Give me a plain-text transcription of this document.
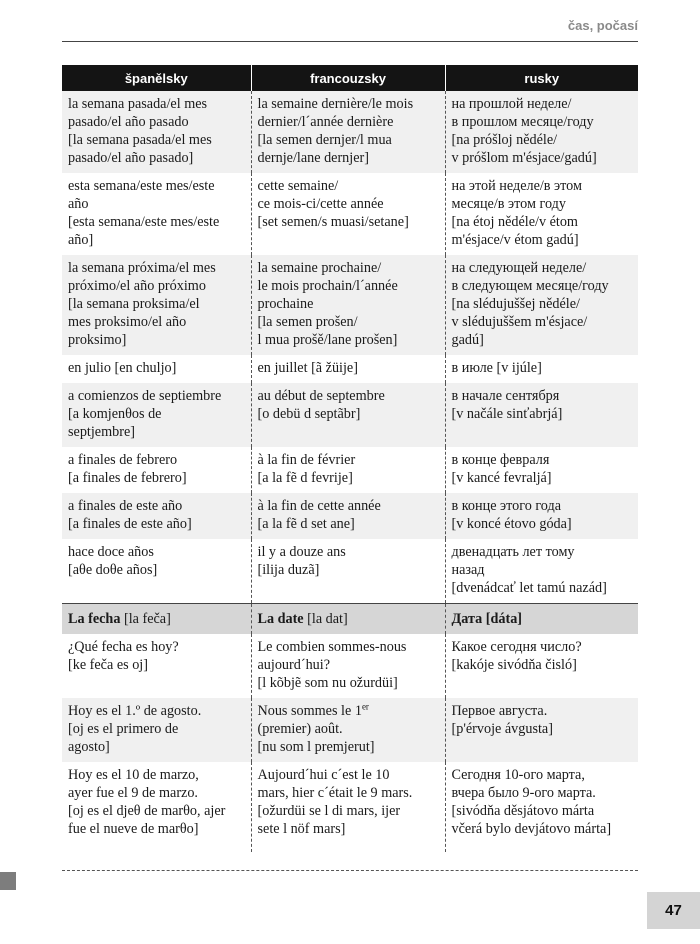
čas, počasí
španělsky	francouzsky	rusky

la semana pasada/el mes
pasado/el año pasado
[la semana pasada/el mes
pasado/el año pasado]	la semaine dernière/le mois
dernier/l´année dernière
[la semen dernjer/l mua
dernje/lane dernjer]	на прошлой неделе/
в прошлом месяце/году
[na próšloj nědéle/
v próšlom m'ésjace/gadú]

esta semana/este mes/este
año
[esta semana/este mes/este
año]	cette semaine/
ce mois-ci/cette année
[set semen/s muasi/setane]	на этой неделе/в этом
месяце/в этом году
[na étoj nědéle/v étom
m'ésjace/v étom gadú]

la semana próxima/el mes
próximo/el año próximo
[la semana proksima/el
mes proksimo/el año
proksimo]	la semaine prochaine/
le mois prochain/l´année
prochaine
[la semen prošen/
l mua prošě/lane prošen]	на следующей неделе/
в следующем месяце/году
[na slédujuššej nědéle/
v slédujuššem m'ésjace/
gadú]

en julio [en chuljo]	en juillet [ã žüije]	в июле [v ijúle]

a comienzos de septiembre
[a komjenθos de
septjembre]	au début de septembre
[o debü d septãbr]	в начале сентября
[v načále sinťabrjá]

a finales de febrero
[a finales de febrero]	à la fin de février
[a la fẽ d fevrije]	в конце февраля
[v kancé fevraljá]

a finales de este año
[a finales de este año]	à la fin de cette année
[a la fẽ d set ane]	в конце этого года
[v koncé étovo góda]

hace doce años
[aθe doθe años]	il y a douze ans
[ilija duzã]	двенадцать лет тому
назад
[dvenádcať let tamú nazád]

La fecha [la feča]	La date [la dat]	Дата [dáta]

¿Qué fecha es hoy?
[ke feča es oj]	Le combien sommes-nous
aujourd´hui?
[l kõbjẽ som nu ožurdüi]	Какое сегодня число?
[kakóje sivódňa čisló]

Hoy es el 1.º de agosto.
[oj es el primero de
agosto]	Nous sommes le 1er
(premier) août.
[nu som l premjerut]	Первое августа.
[p'érvoje ávgusta]

Hoy es el 10 de marzo,
ayer fue el 9 de marzo.
[oj es el djeθ de marθo, ajer
fue el nueve de marθo]	Aujourd´hui c´est le 10
mars, hier c´était le 9 mars.
[ožurdüi se l di mars, ijer
sete l nöf mars]	Сегодня 10-ого марта,
вчера было 9-ого марта.
[sivódňa děsjátovo márta
včerá bylo devjátovo márta]
47
